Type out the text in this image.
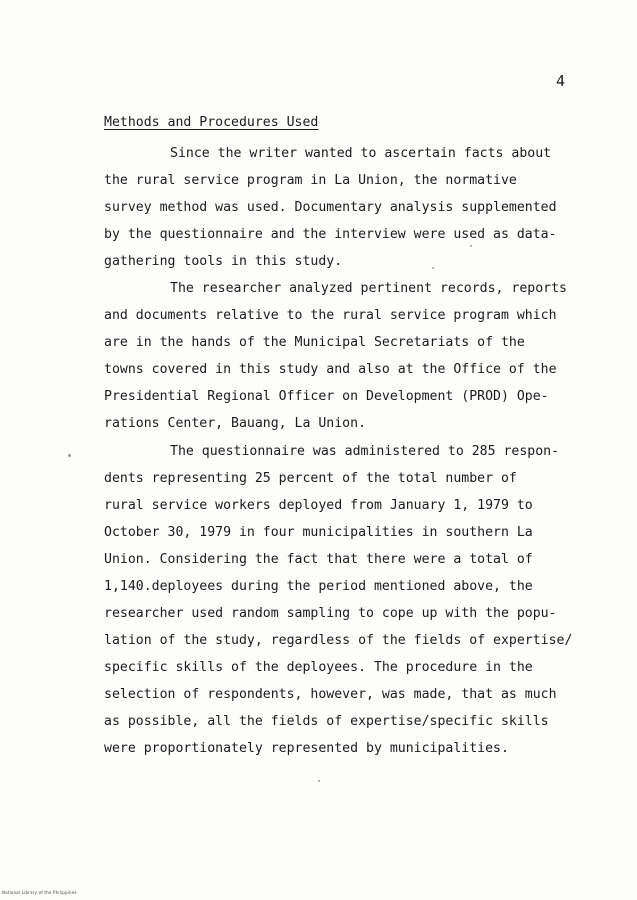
4
Methods and Procedures Used
Since the writer wanted to ascertain facts about
the rural service program in La Union, the normative
survey method was used. Documentary analysis supplemented
by the questionnaire and the interview were used as data-
gathering tools in this study.
The researcher analyzed pertinent records, reports
and documents relative to the rural service program which
are in the hands of the Municipal Secretariats of the
towns covered in this study and also at the Office of the
Presidential Regional Officer on Development (PROD) Ope-
rations Center, Bauang, La Union.
The questionnaire was administered to 285 respon-
dents representing 25 percent of the total number of
rural service workers deployed from January 1, 1979 to
October 30, 1979 in four municipalities in southern La
Union. Considering the fact that there were a total of
1,140.deployees during the period mentioned above, the
researcher used random sampling to cope up with the popu-
lation of the study, regardless of the fields of expertise/
specific skills of the deployees. The procedure in the
selection of respondents, however, was made, that as much
as possible, all the fields of expertise/specific skills
were proportionately represented by municipalities.
National Library of the Philippines
